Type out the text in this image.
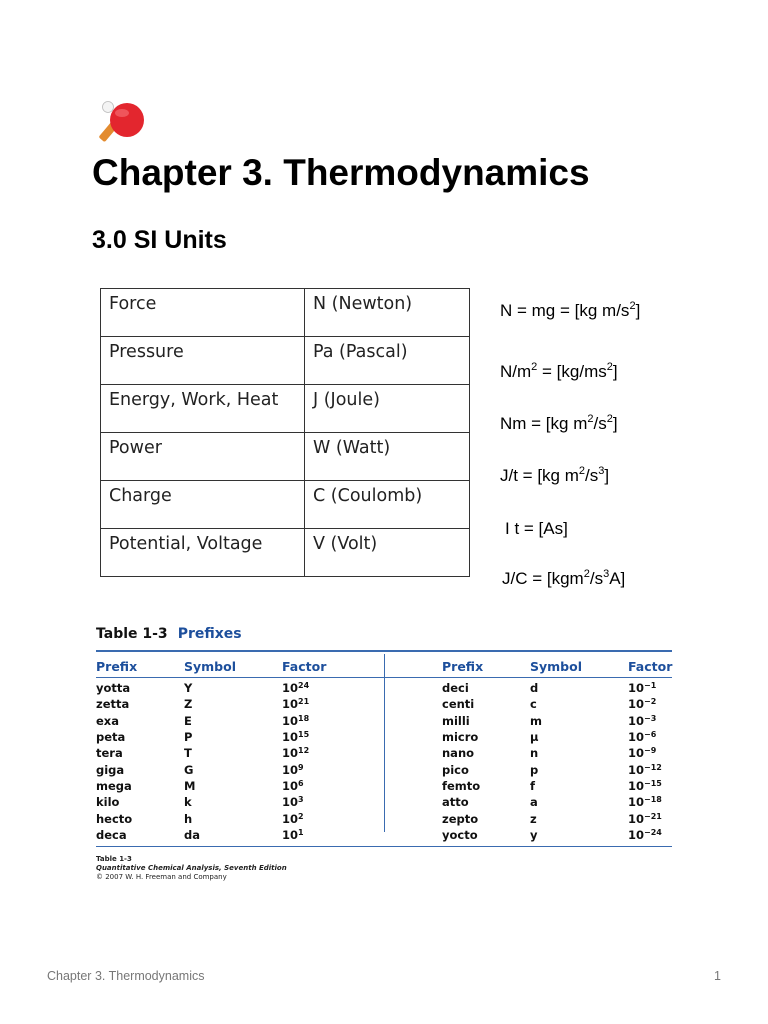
Chapter 3. Thermodynamics
3.0 SI Units
Force	N (Newton)
Pressure	Pa (Pascal)
Energy, Work, Heat	J (Joule)
Power	W (Watt)
Charge	C (Coulomb)
Potential, Voltage	V (Volt)
N = mg = [kg $m/s^2$]
$N/m^2 = [kg/ms^2]$
Nm = [kg $m^2/s^2$]
J/t = [kg $m^2/s^3$]
I t = [As]
$J/C = [kgm^2/s^3A]$
Table 1-3 Prefixes
Prefix	Symbol	Factor
yotta	Y	$10^{24}$
zetta	Z	$10^{21}$
exa	E	$10^{18}$
peta	P	$10^{15}$
tera	T	$10^{12}$
giga	G	$10^9$
mega	M	$10^6$
kilo	k	$10^3$
hecto	h	$10^2$
deca	da	$10^1$
Prefix	Symbol	Factor
deci	d	$10^{-1}$
centi	c	$10^{-2}$
milli	m	$10^{-3}$
micro	μ	$10^{-6}$
nano	n	$10^{-9}$
pico	p	$10^{-12}$
femto	f	$10^{-15}$
atto	a	$10^{-18}$
zepto	z	$10^{-21}$
yocto	y	$10^{-24}$
Table 1-3
Quantitative Chemical Analysis, Seventh Edition
© 2007 W. H. Freeman and Company
Chapter 3. Thermodynamics	1
